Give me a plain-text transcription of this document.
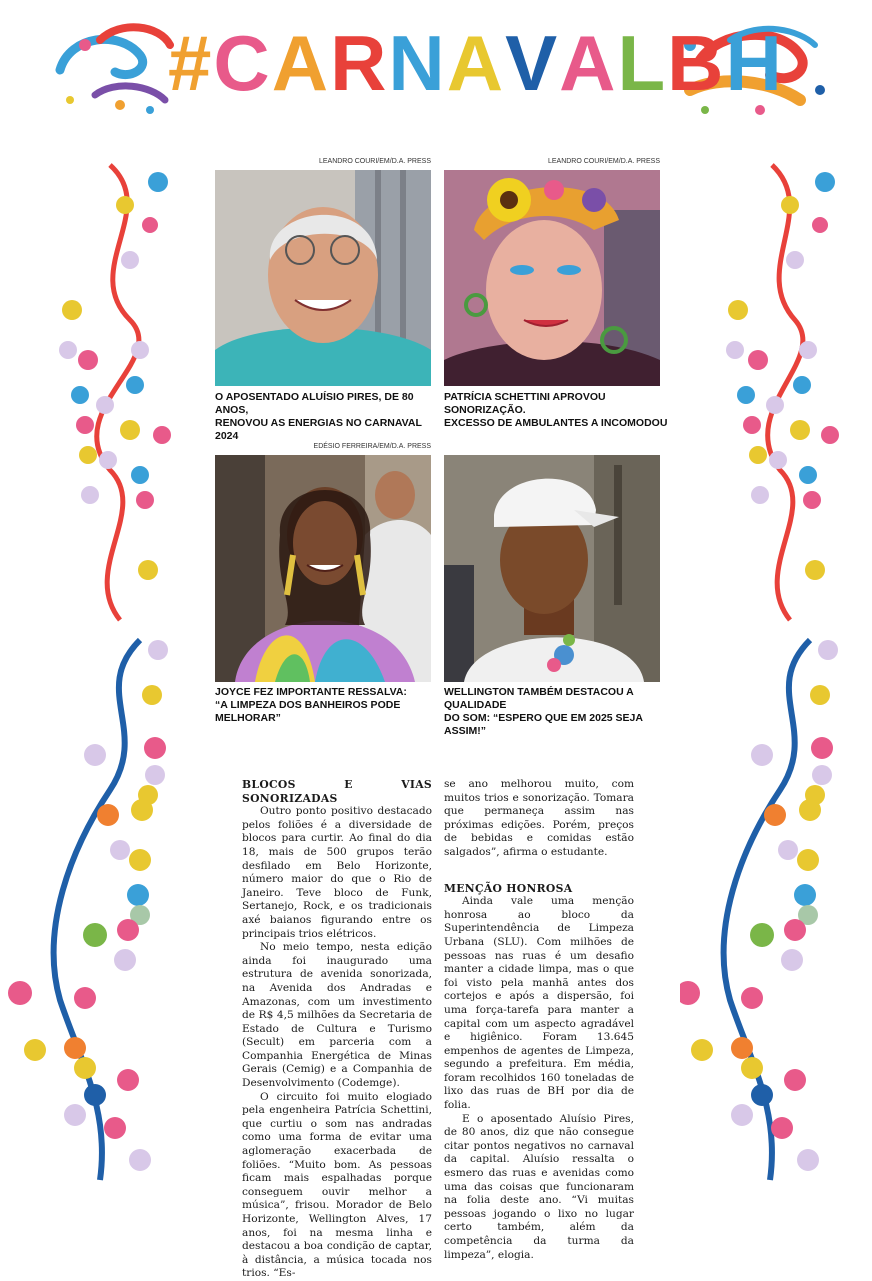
#CARNAVALBH
LEANDRO COURI/EM/D.A. PRESS
O APOSENTADO ALUÍSIO PIRES, DE 80 ANOS,
RENOVOU AS ENERGIAS NO CARNAVAL 2024
LEANDRO COURI/EM/D.A. PRESS
PATRÍCIA SCHETTINI APROVOU SONORIZAÇÃO.
EXCESSO DE AMBULANTES A INCOMODOU
EDÉSIO FERREIRA/EM/D.A. PRESS
JOYCE FEZ IMPORTANTE RESSALVA:
“A LIMPEZA DOS BANHEIROS PODE MELHORAR”
WELLINGTON TAMBÉM DESTACOU A QUALIDADE
DO SOM: “ESPERO QUE EM 2025 SEJA ASSIM!”

BLOCOS E VIAS SONORIZADAS

Outro ponto positivo destacado pelos foliões é a diversidade de blocos para curtir. Ao final do dia 18, mais de 500 grupos terão desfilado em Belo Horizonte, número maior do que o Rio de Janeiro. Teve bloco de Funk, Sertanejo, Rock, e os tradicionais axé baianos figurando entre os principais trios elétricos.

No meio tempo, nesta edição ainda foi inaugurado uma estrutura de avenida sonorizada, na Avenida dos Andradas e Amazonas, com um investimento de R$ 4,5 milhões da Secretaria de Estado de Cultura e Turismo (Secult) em parceria com a Companhia Energética de Minas Gerais (Cemig) e a Companhia de Desenvolvimento (Codemge).

O circuito foi muito elogiado pela engenheira Patrícia Schettini, que curtiu o som nas andradas como uma forma de evitar uma aglomeração exacerbada de foliões. “Muito bom. As pessoas ficam mais espalhadas porque conseguem ouvir melhor a música”, frisou. Morador de Belo Horizonte, Wellington Alves, 17 anos, foi na mesma linha e destacou a boa condição de captar, à distância, a música tocada nos trios. “Es-

se ano melhorou muito, com muitos trios e sonorização. Tomara que permaneça assim nas próximas edições. Porém, preços de bebidas e comidas estão salgados”, afirma o estudante.

MENÇÃO HONROSA

Ainda vale uma menção honrosa ao bloco da Superintendência de Limpeza Urbana (SLU). Com milhões de pessoas nas ruas é um desafio manter a cidade limpa, mas o que foi visto pela manhã antes dos cortejos e após a dispersão, foi uma força-tarefa para manter a capital com um aspecto agradável e higiênico. Foram 13.645 empenhos de agentes de Limpeza, segundo a prefeitura. Em média, foram recolhidos 160 toneladas de lixo das ruas de BH por dia de folia.

E o aposentado Aluísio Pires, de 80 anos, diz que não consegue citar pontos negativos no carnaval da capital. Aluísio ressalta o esmero das ruas e avenidas como uma das coisas que funcionaram na folia deste ano. “Vi muitas pessoas jogando o lixo no lugar certo também, além da competência da turma da limpeza”, elogia.
